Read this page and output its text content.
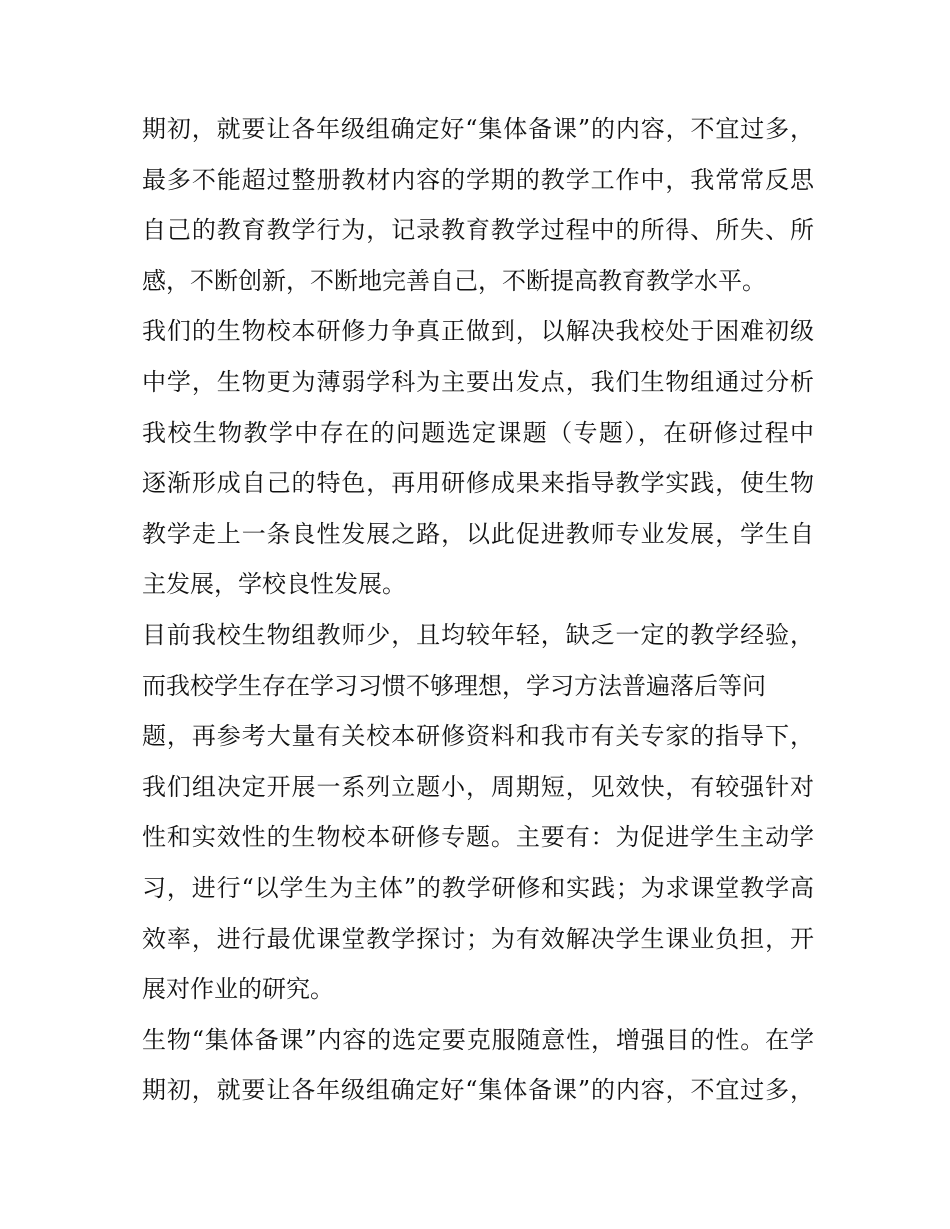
期初，就要让各年级组确定好“集体备课”的内容，不宜过多，
最多不能超过整册教材内容的学期的教学工作中，我常常反思
自己的教育教学行为，记录教育教学过程中的所得、所失、所
感，不断创新，不断地完善自己，不断提高教育教学水平。
我们的生物校本研修力争真正做到，以解决我校处于困难初级
中学，生物更为薄弱学科为主要出发点，我们生物组通过分析
我校生物教学中存在的问题选定课题（专题），在研修过程中
逐渐形成自己的特色，再用研修成果来指导教学实践，使生物
教学走上一条良性发展之路，以此促进教师专业发展，学生自
主发展，学校良性发展。
目前我校生物组教师少，且均较年轻，缺乏一定的教学经验，
而我校学生存在学习习惯不够理想，学习方法普遍落后等问
题，再参考大量有关校本研修资料和我市有关专家的指导下，
我们组决定开展一系列立题小，周期短，见效快，有较强针对
性和实效性的生物校本研修专题。主要有：为促进学生主动学
习，进行“以学生为主体”的教学研修和实践；为求课堂教学高
效率，进行最优课堂教学探讨；为有效解决学生课业负担，开
展对作业的研究。
生物“集体备课”内容的选定要克服随意性，增强目的性。在学
期初，就要让各年级组确定好“集体备课”的内容，不宜过多，
